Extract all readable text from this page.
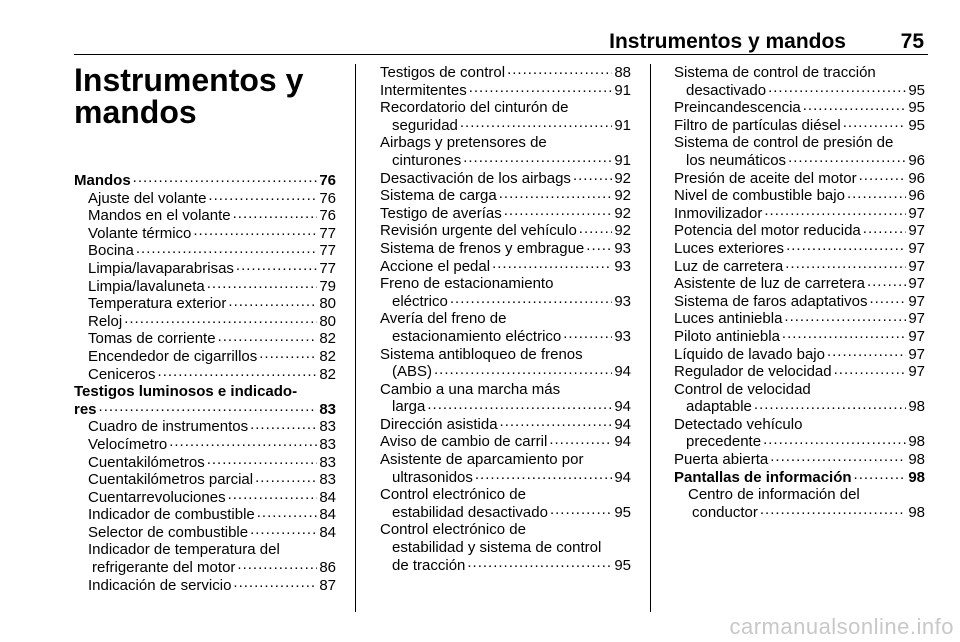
Instrumentos y mandos	75
Instrumentos y
mandos
Mandos .....	76
Ajuste del volante .....	76
Mandos en el volante .....	76
Volante térmico .....	77
Bocina .....	77
Limpia/lavaparabrisas .....	77
Limpia/lavaluneta .....	79
Temperatura exterior .....	80
Reloj .....	80
Tomas de corriente .....	82
Encendedor de cigarrillos .....	82
Ceniceros .....	82
Testigos luminosos e indicado-
res .....	83
Cuadro de instrumentos .....	83
Velocímetro .....	83
Cuentakilómetros .....	83
Cuentakilómetros parcial .....	83
Cuentarrevoluciones .....	84
Indicador de combustible .....	84
Selector de combustible .....	84
Indicador de temperatura del
refrigerante del motor .....	86
Indicación de servicio .....	87
Testigos de control .....	88
Intermitentes .....	91
Recordatorio del cinturón de
seguridad .....	91
Airbags y pretensores de
cinturones .....	91
Desactivación de los airbags .....	92
Sistema de carga .....	92
Testigo de averías .....	92
Revisión urgente del vehículo .....	92
Sistema de frenos y embrague ..... 93
Accione el pedal .....	93
Freno de estacionamiento
eléctrico .....	93
Avería del freno de
estacionamiento eléctrico .....	93
Sistema antibloqueo de frenos
(ABS) .....	94
Cambio a una marcha más
larga .....	94
Dirección asistida .....	94
Aviso de cambio de carril .....	94
Asistente de aparcamiento por
ultrasonidos .....	94
Control electrónico de
estabilidad desactivado .....	95
Control electrónico de
estabilidad y sistema de control
de tracción .....	95
Sistema de control de tracción
desactivado .....	95
Preincandescencia .....	95
Filtro de partículas diésel .....	95
Sistema de control de presión de
los neumáticos .....	96
Presión de aceite del motor .....	96
Nivel de combustible bajo .....	96
Inmovilizador .....	97
Potencia del motor reducida .....	97
Luces exteriores .....	97
Luz de carretera .....	97
Asistente de luz de carretera .....	97
Sistema de faros adaptativos .....	97
Luces antiniebla .....	97
Piloto antiniebla .....	97
Líquido de lavado bajo .....	97
Regulador de velocidad .....	97
Control de velocidad
adaptable .....	98
Detectado vehículo
precedente .....	98
Puerta abierta .....	98
Pantallas de información .....	98
Centro de información del
conductor .....	98
carmanualsonline.info
